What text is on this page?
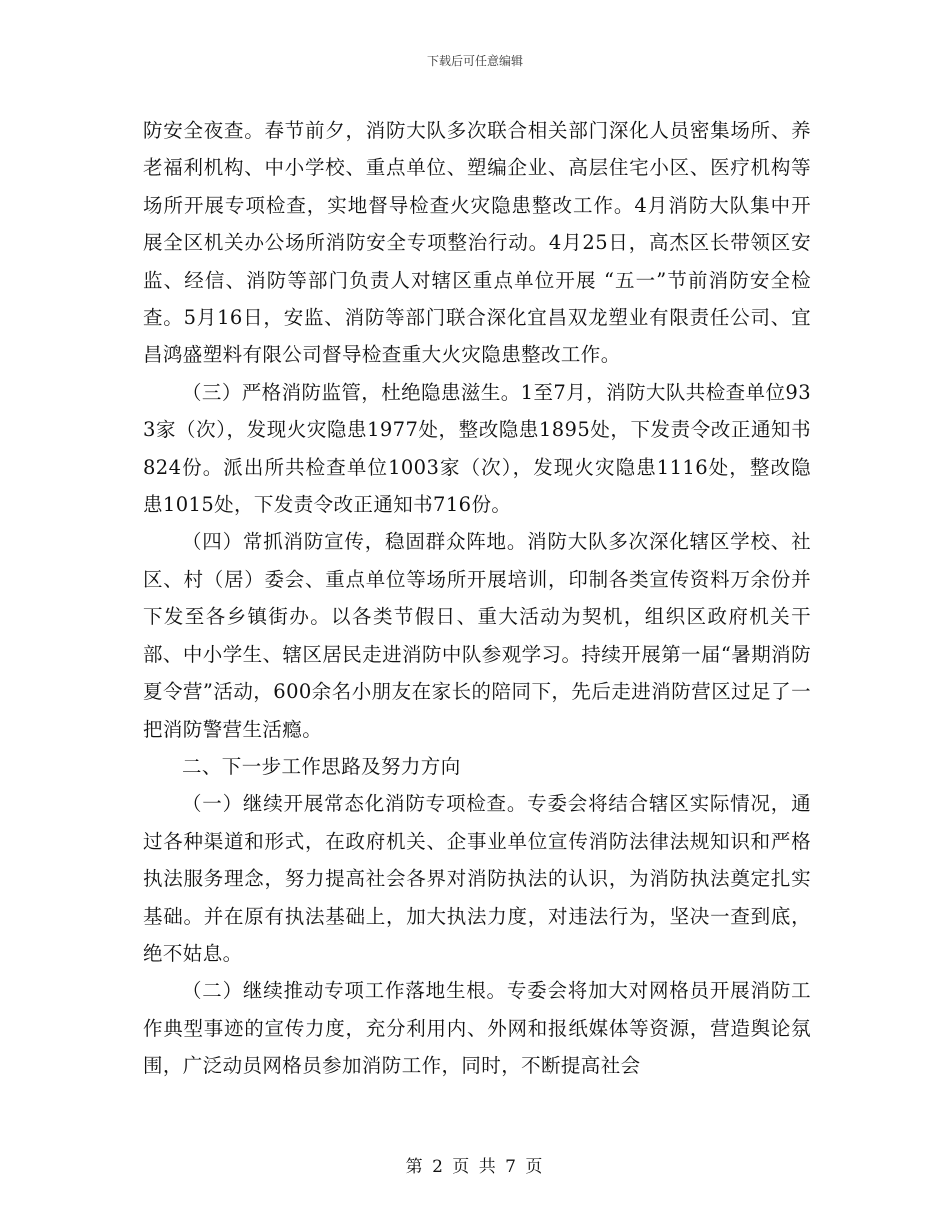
下载后可任意编辑

防安全夜查。春节前夕，消防大队多次联合相关部门深化人员密集场所、养老福利机构、中小学校、重点单位、塑编企业、高层住宅小区、医疗机构等场所开展专项检查，实地督导检查火灾隐患整改工作。4月消防大队集中开展全区机关办公场所消防安全专项整治行动。4月25日，高杰区长带领区安监、经信、消防等部门负责人对辖区重点单位开展 “五一”节前消防安全检查。5月16日，安监、消防等部门联合深化宜昌双龙塑业有限责任公司、宜昌鸿盛塑料有限公司督导检查重大火灾隐患整改工作。

（三）严格消防监管，杜绝隐患滋生。1至7月，消防大队共检查单位933家（次），发现火灾隐患1977处，整改隐患1895处，下发责令改正通知书824份。派出所共检查单位1003家（次），发现火灾隐患1116处，整改隐患1015处，下发责令改正通知书716份。

（四）常抓消防宣传，稳固群众阵地。消防大队多次深化辖区学校、社区、村（居）委会、重点单位等场所开展培训，印制各类宣传资料万余份并下发至各乡镇街办。以各类节假日、重大活动为契机，组织区政府机关干部、中小学生、辖区居民走进消防中队参观学习。持续开展第一届“暑期消防夏令营”活动，600余名小朋友在家长的陪同下，先后走进消防营区过足了一把消防警营生活瘾。

二、下一步工作思路及努力方向

（一）继续开展常态化消防专项检查。专委会将结合辖区实际情况，通过各种渠道和形式，在政府机关、企事业单位宣传消防法律法规知识和严格执法服务理念，努力提高社会各界对消防执法的认识，为消防执法奠定扎实基础。并在原有执法基础上，加大执法力度，对违法行为，坚决一查到底，绝不姑息。

（二）继续推动专项工作落地生根。专委会将加大对网格员开展消防工作典型事迹的宣传力度，充分利用内、外网和报纸媒体等资源，营造舆论氛围，广泛动员网格员参加消防工作，同时，不断提高社会

第 2 页 共 7 页
